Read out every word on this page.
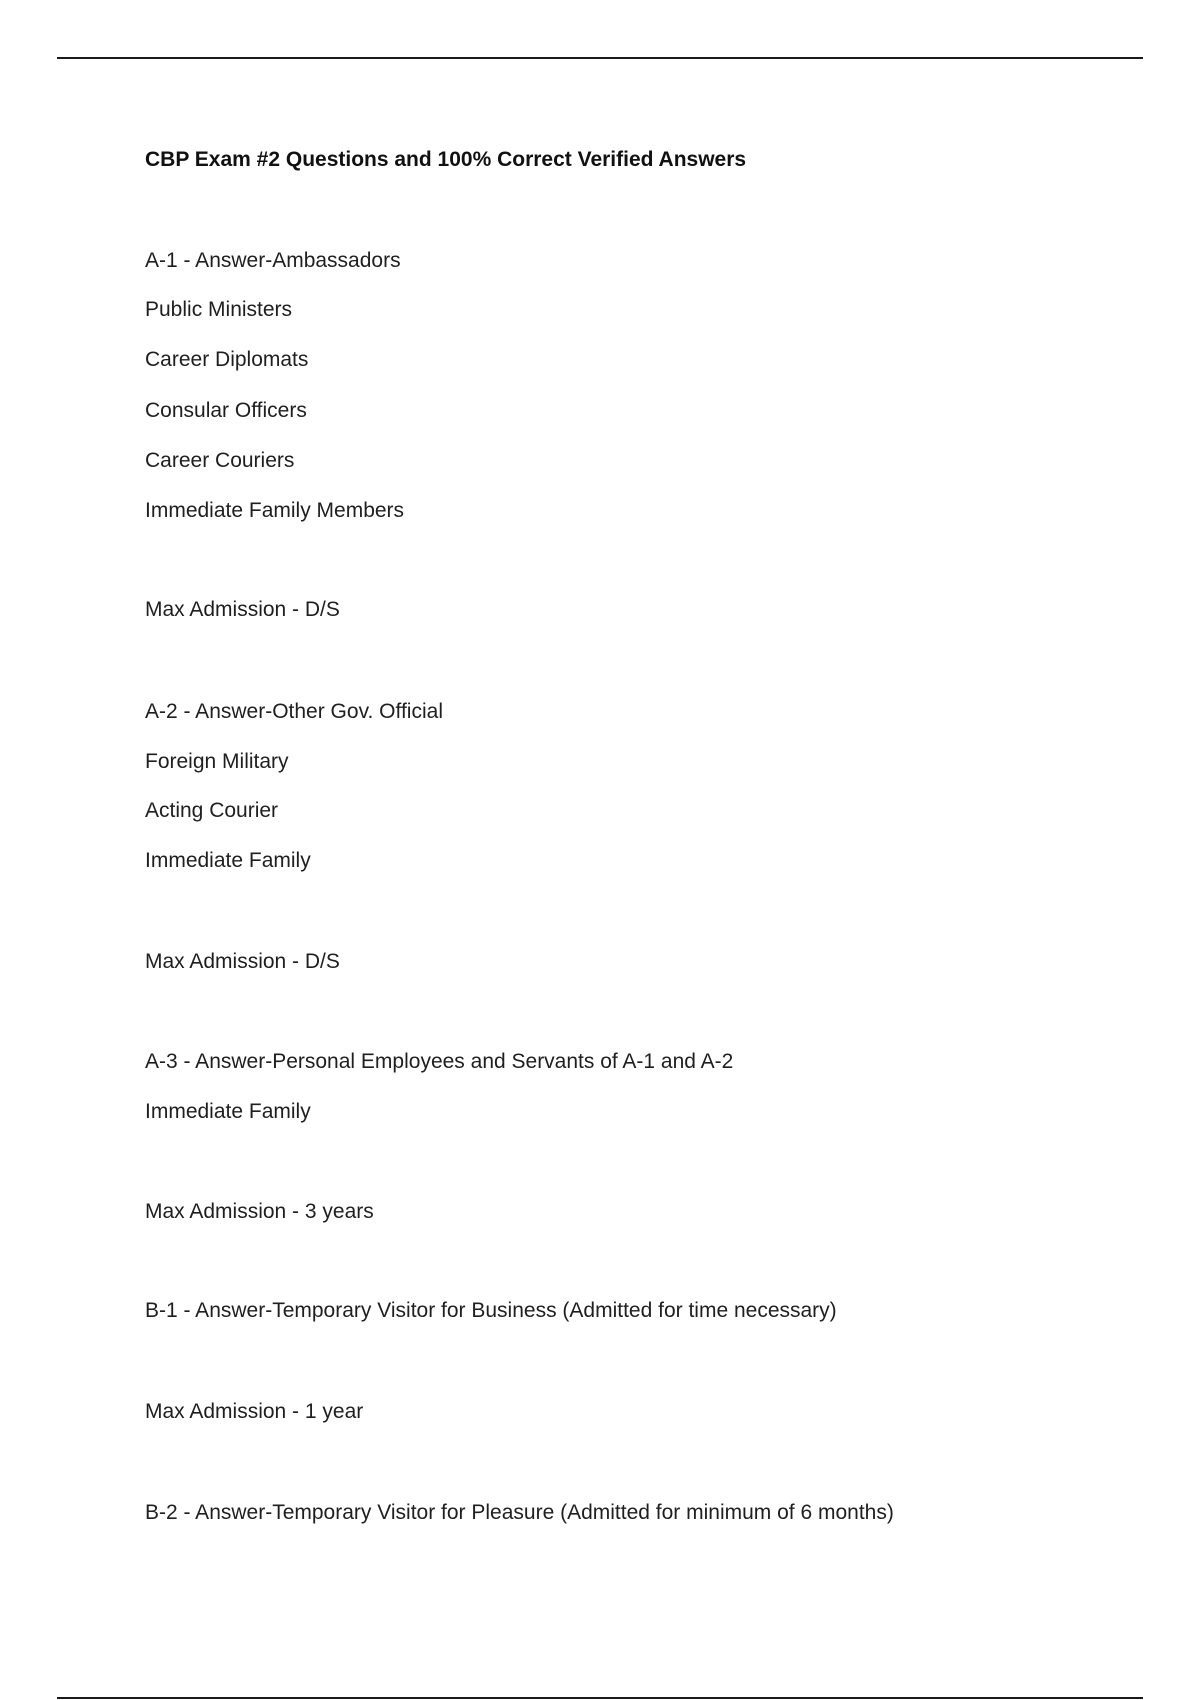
CBP Exam #2 Questions and 100% Correct Verified Answers
A-1 - Answer-Ambassadors
Public Ministers
Career Diplomats
Consular Officers
Career Couriers
Immediate Family Members
Max Admission - D/S
A-2 - Answer-Other Gov. Official
Foreign Military
Acting Courier
Immediate Family
Max Admission - D/S
A-3 - Answer-Personal Employees and Servants of A-1 and A-2
Immediate Family
Max Admission - 3 years
B-1 - Answer-Temporary Visitor for Business (Admitted for time necessary)
Max Admission - 1 year
B-2 - Answer-Temporary Visitor for Pleasure (Admitted for minimum of 6 months)
